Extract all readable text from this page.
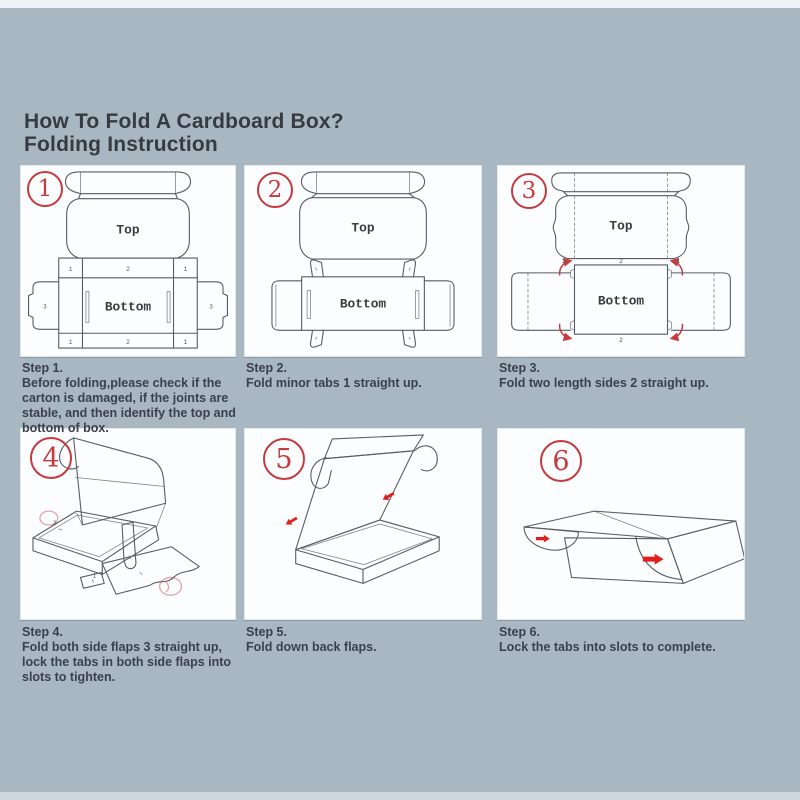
How To Fold A Cardboard Box?
Folding Instruction
1
Top
Bottom
1	2	1
3	3
1	2	1
2
Top
Bottom
3
Top
Bottom
1	1
2
2
4
3
1
5	6
Step 1.
Before folding,please check if the carton is damaged, if the joints are stable, and then identify the top and bottom of box.
Step 2.
Fold minor tabs 1 straight up.
Step 3.
Fold two length sides 2 straight up.
Step 4.
Fold both side flaps 3 straight up, lock the tabs in both side flaps into slots to tighten.
Step 5.
Fold down back flaps.
Step 6.
Lock the tabs into slots to complete.
